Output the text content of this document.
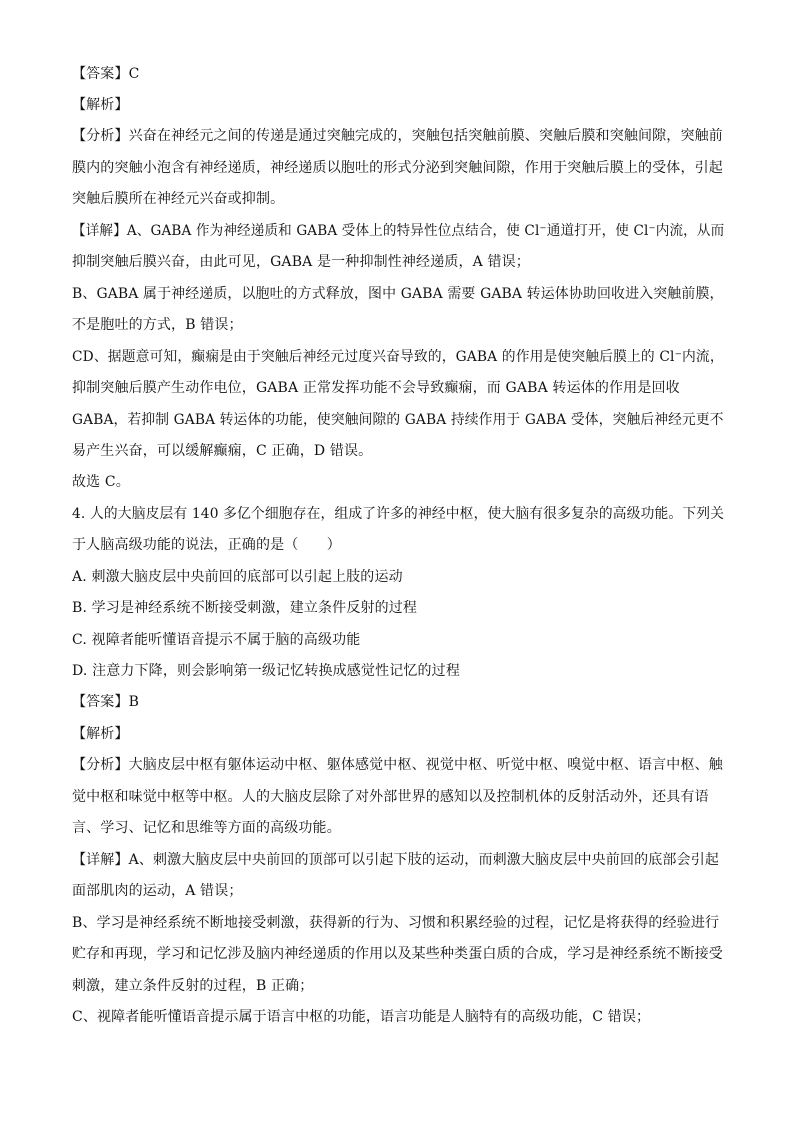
【答案】C
【解析】
【分析】兴奋在神经元之间的传递是通过突触完成的，突触包括突触前膜、突触后膜和突触间隙，突触前
膜内的突触小泡含有神经递质，神经递质以胞吐的形式分泌到突触间隙，作用于突触后膜上的受体，引起
突触后膜所在神经元兴奋或抑制。
【详解】A、GABA 作为神经递质和 GABA 受体上的特异性位点结合，使 Cl⁻通道打开，使 Cl⁻内流，从而
抑制突触后膜兴奋，由此可见，GABA 是一种抑制性神经递质，A 错误；
B、GABA 属于神经递质，以胞吐的方式释放，图中 GABA 需要 GABA 转运体协助回收进入突触前膜，
不是胞吐的方式，B 错误；
CD、据题意可知，癫痫是由于突触后神经元过度兴奋导致的，GABA 的作用是使突触后膜上的 Cl⁻内流，
抑制突触后膜产生动作电位，GABA 正常发挥功能不会导致癫痫，而 GABA 转运体的作用是回收
GABA，若抑制 GABA 转运体的功能，使突触间隙的 GABA 持续作用于 GABA 受体，突触后神经元更不
易产生兴奋，可以缓解癫痫，C 正确，D 错误。
故选 C。
4. 人的大脑皮层有 140 多亿个细胞存在，组成了许多的神经中枢，使大脑有很多复杂的高级功能。下列关
于人脑高级功能的说法，正确的是（　　）
A. 刺激大脑皮层中央前回的底部可以引起上肢的运动
B. 学习是神经系统不断接受刺激，建立条件反射的过程
C. 视障者能听懂语音提示不属于脑的高级功能
D. 注意力下降，则会影响第一级记忆转换成感觉性记忆的过程
【答案】B
【解析】
【分析】大脑皮层中枢有躯体运动中枢、躯体感觉中枢、视觉中枢、听觉中枢、嗅觉中枢、语言中枢、触
觉中枢和味觉中枢等中枢。人的大脑皮层除了对外部世界的感知以及控制机体的反射活动外，还具有语
言、学习、记忆和思维等方面的高级功能。
【详解】A、刺激大脑皮层中央前回的顶部可以引起下肢的运动，而刺激大脑皮层中央前回的底部会引起
面部肌肉的运动，A 错误；
B、学习是神经系统不断地接受刺激，获得新的行为、习惯和积累经验的过程，记忆是将获得的经验进行
贮存和再现，学习和记忆涉及脑内神经递质的作用以及某些种类蛋白质的合成，学习是神经系统不断接受
刺激，建立条件反射的过程，B 正确；
C、视障者能听懂语音提示属于语言中枢的功能，语言功能是人脑特有的高级功能，C 错误；
